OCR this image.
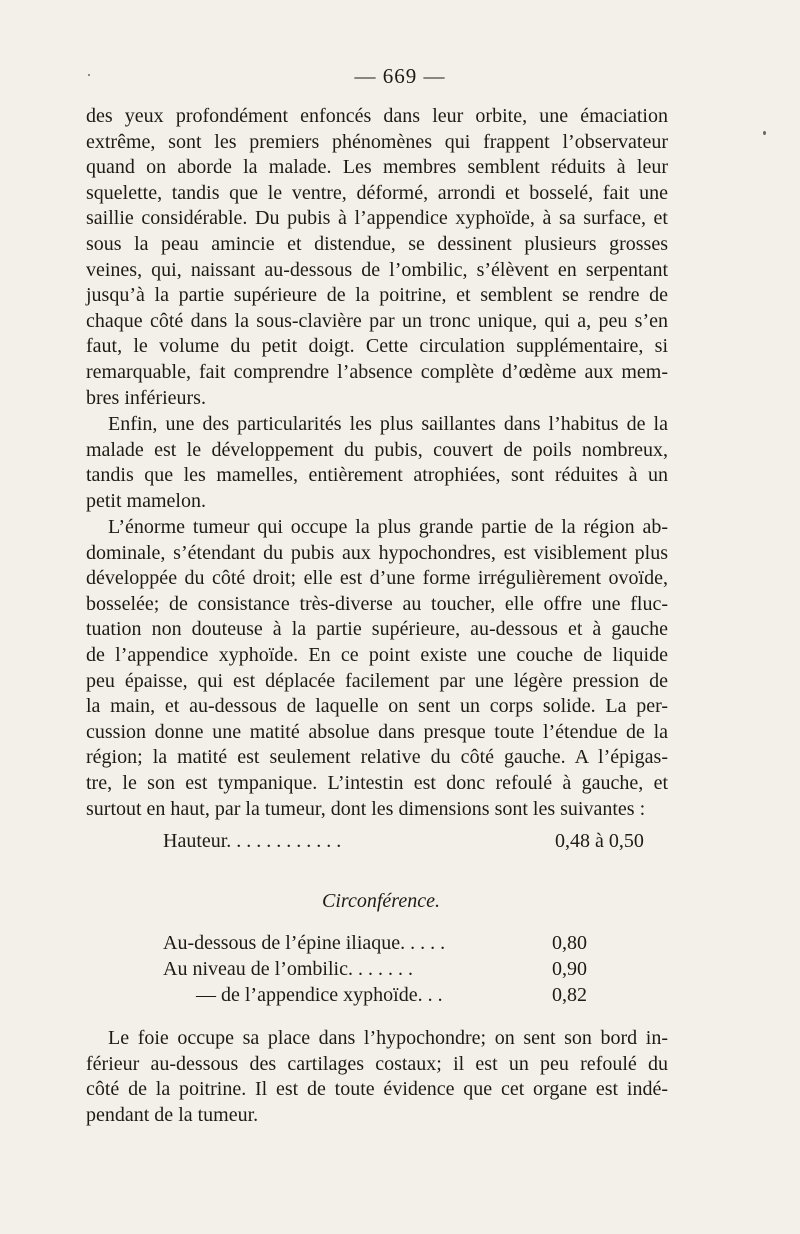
— 669 —
des yeux profondément enfoncés dans leur orbite, une émaciation
extrême, sont les premiers phénomènes qui frappent l’observateur
quand on aborde la malade. Les membres semblent réduits à leur
squelette, tandis que le ventre, déformé, arrondi et bosselé, fait une
saillie considérable. Du pubis à l’appendice xyphoïde, à sa surface, et
sous la peau amincie et distendue, se dessinent plusieurs grosses
veines, qui, naissant au-dessous de l’ombilic, s’élèvent en serpentant
jusqu’à la partie supérieure de la poitrine, et semblent se rendre de
chaque côté dans la sous-clavière par un tronc unique, qui a, peu s’en
faut, le volume du petit doigt. Cette circulation supplémentaire, si
remarquable, fait comprendre l’absence complète d’œdème aux mem-
bres inférieurs.
Enfin, une des particularités les plus saillantes dans l’habitus de la
malade est le développement du pubis, couvert de poils nombreux,
tandis que les mamelles, entièrement atrophiées, sont réduites à un
petit mamelon.
L’énorme tumeur qui occupe la plus grande partie de la région ab-
dominale, s’étendant du pubis aux hypochondres, est visiblement plus
développée du côté droit; elle est d’une forme irrégulièrement ovoïde,
bosselée; de consistance très-diverse au toucher, elle offre une fluc-
tuation non douteuse à la partie supérieure, au-dessous et à gauche
de l’appendice xyphoïde. En ce point existe une couche de liquide
peu épaisse, qui est déplacée facilement par une légère pression de
la main, et au-dessous de laquelle on sent un corps solide. La per-
cussion donne une matité absolue dans presque toute l’étendue de la
région; la matité est seulement relative du côté gauche. A l’épigas-
tre, le son est tympanique. L’intestin est donc refoulé à gauche, et
surtout en haut, par la tumeur, dont les dimensions sont les suivantes :
Hauteur. . . . . . . . . . . .	0,48 à 0,50
Circonférence.
Au-dessous de l’épine iliaque. . . . .	0,80
Au niveau de l’ombilic. . . . . . .	0,90
— de l’appendice xyphoïde. . .	0,82
Le foie occupe sa place dans l’hypochondre; on sent son bord in-
férieur au-dessous des cartilages costaux; il est un peu refoulé du
côté de la poitrine. Il est de toute évidence que cet organe est indé-
pendant de la tumeur.
